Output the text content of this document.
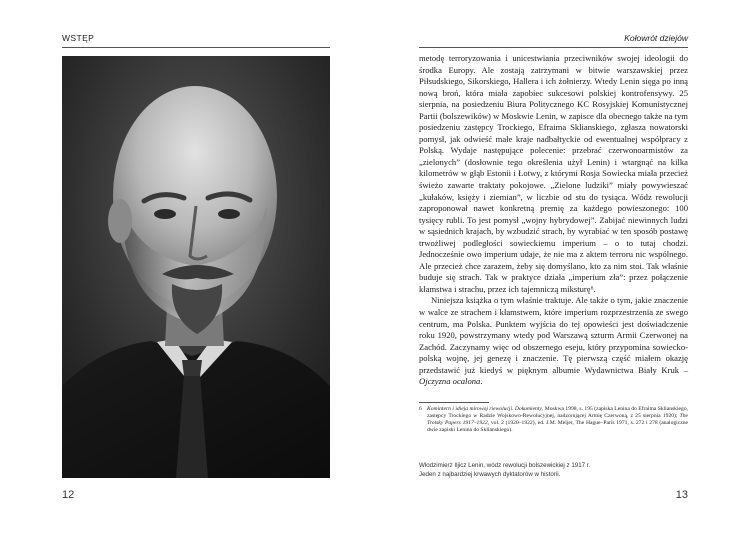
WSTĘP
12
Kołowrót dziejów

metodę terroryzowania i unicestwiania przeciwników swojej ideologii do środka Europy. Ale zostają zatrzymani w bitwie warszawskiej przez Piłsudskiego, Sikorskiego, Hallera i ich żołnierzy. Wtedy Lenin sięga po inną nową broń, która miała zapobiec sukcesowi polskiej kontrofensywy. 25 sierpnia, na posiedzeniu Biura Politycznego KC Rosyjskiej Komunistycznej Partii (bolszewików) w Moskwie Lenin, w zapisce dla obecnego także na tym posiedzeniu zastępcy Trockiego, Efraima Sklianskiego, zgłasza nowatorski pomysł, jak odwieść małe kraje nadbałtyckie od ewentualnej współpracy z Polską. Wydaje następujące polecenie: przebrać czerwonoarmistów za „zielonych” (dosłownie tego określenia użył Lenin) i wtargnąć na kilka kilometrów w głąb Estonii i Łotwy, z którymi Rosja Sowiecka miała przecież świeżo zawarte traktaty pokojowe. „Zielone ludziki” miały powywieszać „kułaków, księży i ziemian”, w liczbie od stu do tysiąca. Wódz rewolucji zaproponował nawet konkretną premię za każdego powieszonego: 100 tysięcy rubli. To jest pomysł „wojny hybrydowej”. Zabijać niewinnych ludzi w sąsiednich krajach, by wzbudzić strach, by wyrabiać w ten sposób postawę trwożliwej podległości sowieckiemu imperium – o to tutaj chodzi. Jednocześnie owo imperium udaje, że nie ma z aktem terroru nic wspólnego. Ale przecież chce zarazem, żeby się domyślano, kto za nim stoi. Tak właśnie buduje się strach. Tak w praktyce działa „imperium zła”: przez połączenie kłamstwa i strachu, przez ich tajemniczą miksturę⁶.

Niniejsza książka o tym właśnie traktuje. Ale także o tym, jakie znaczenie w walce ze strachem i kłamstwem, które imperium rozprzestrzenia ze swego centrum, ma Polska. Punktem wyjścia do tej opowieści jest doświadczenie roku 1920, powstrzymany wtedy pod Warszawą szturm Armii Czerwonej na Zachód. Zaczynamy więc od obszernego eseju, który przypomina sowiecko-polską wojnę, jej genezę i znaczenie. Tę pierwszą część miałem okazję przedstawić już kiedyś w pięknym albumie Wydawnictwa Biały Kruk – Ojczyzna ocalona.

6 Komintern i idieja mirowoj riewolucji. Dokumienty, Moskwa 1998, s. 195 (zapiska Lenina do Efraima Sklianskiego, zastępcy Trockiego w Radzie Wojskowo-Rewolucyjnej, nadzorującej Armię Czerwoną, z 25 sierpnia 1920); The Trotsky Papers 1917–1922, vol. 2 (1920–1922), ed. J.M. Meijer, The Hague–Paris 1971, s. 272 i 278 (analogiczne dwie zapiski Lenina do Sklianskiego).
Włodzimierz Iljicz Lenin, wódz rewolucji bolszewickiej z 1917 r.
Jeden z najbardziej krwawych dyktatorów w historii.
13
